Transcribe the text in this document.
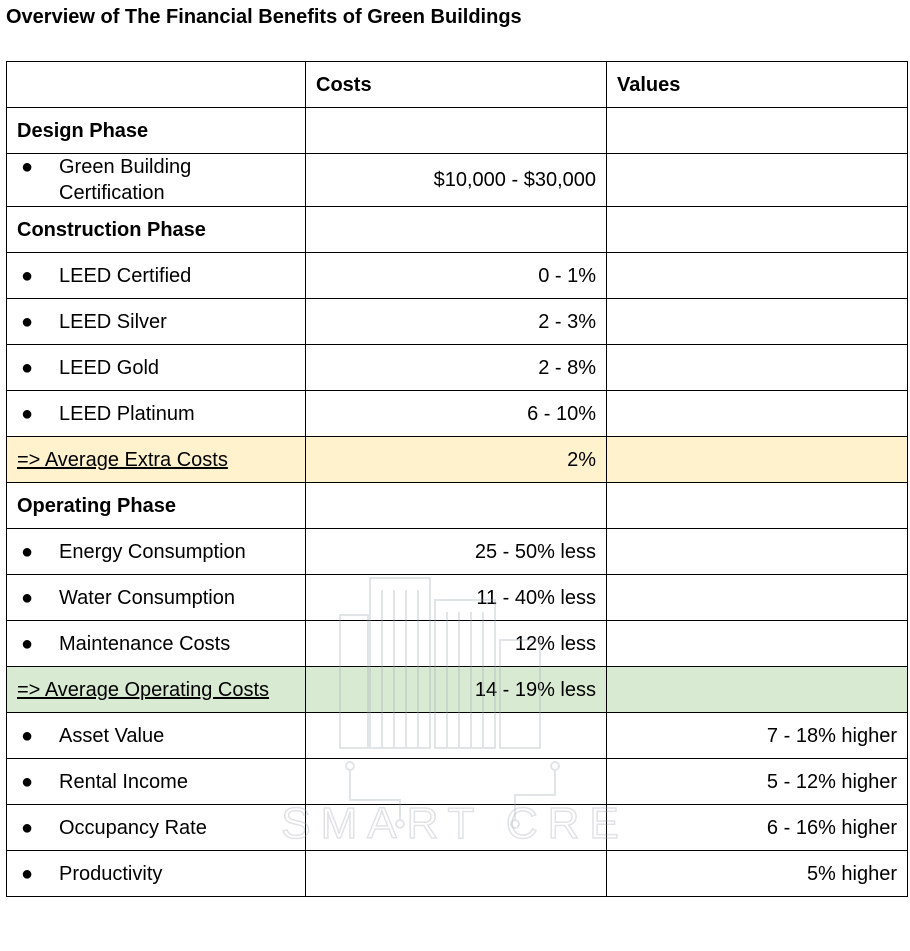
Overview of The Financial Benefits of Green Buildings
	Costs	Values
Design Phase		

● Green Building Certification	$10,000 - $30,000	
Construction Phase		

● LEED Certified	0 - 1%	

● LEED Silver	2 - 3%	

● LEED Gold	2 - 8%	

● LEED Platinum	6 - 10%	
=> Average Extra Costs	2%	
Operating Phase		

● Energy Consumption	25 - 50% less	

● Water Consumption	11 - 40% less	

● Maintenance Costs	12% less	
=> Average Operating Costs	14 - 19% less	

● Asset Value		7 - 18% higher

● Rental Income		5 - 12% higher

● Occupancy Rate		6 - 16% higher

● Productivity		5% higher
SMART CRE
